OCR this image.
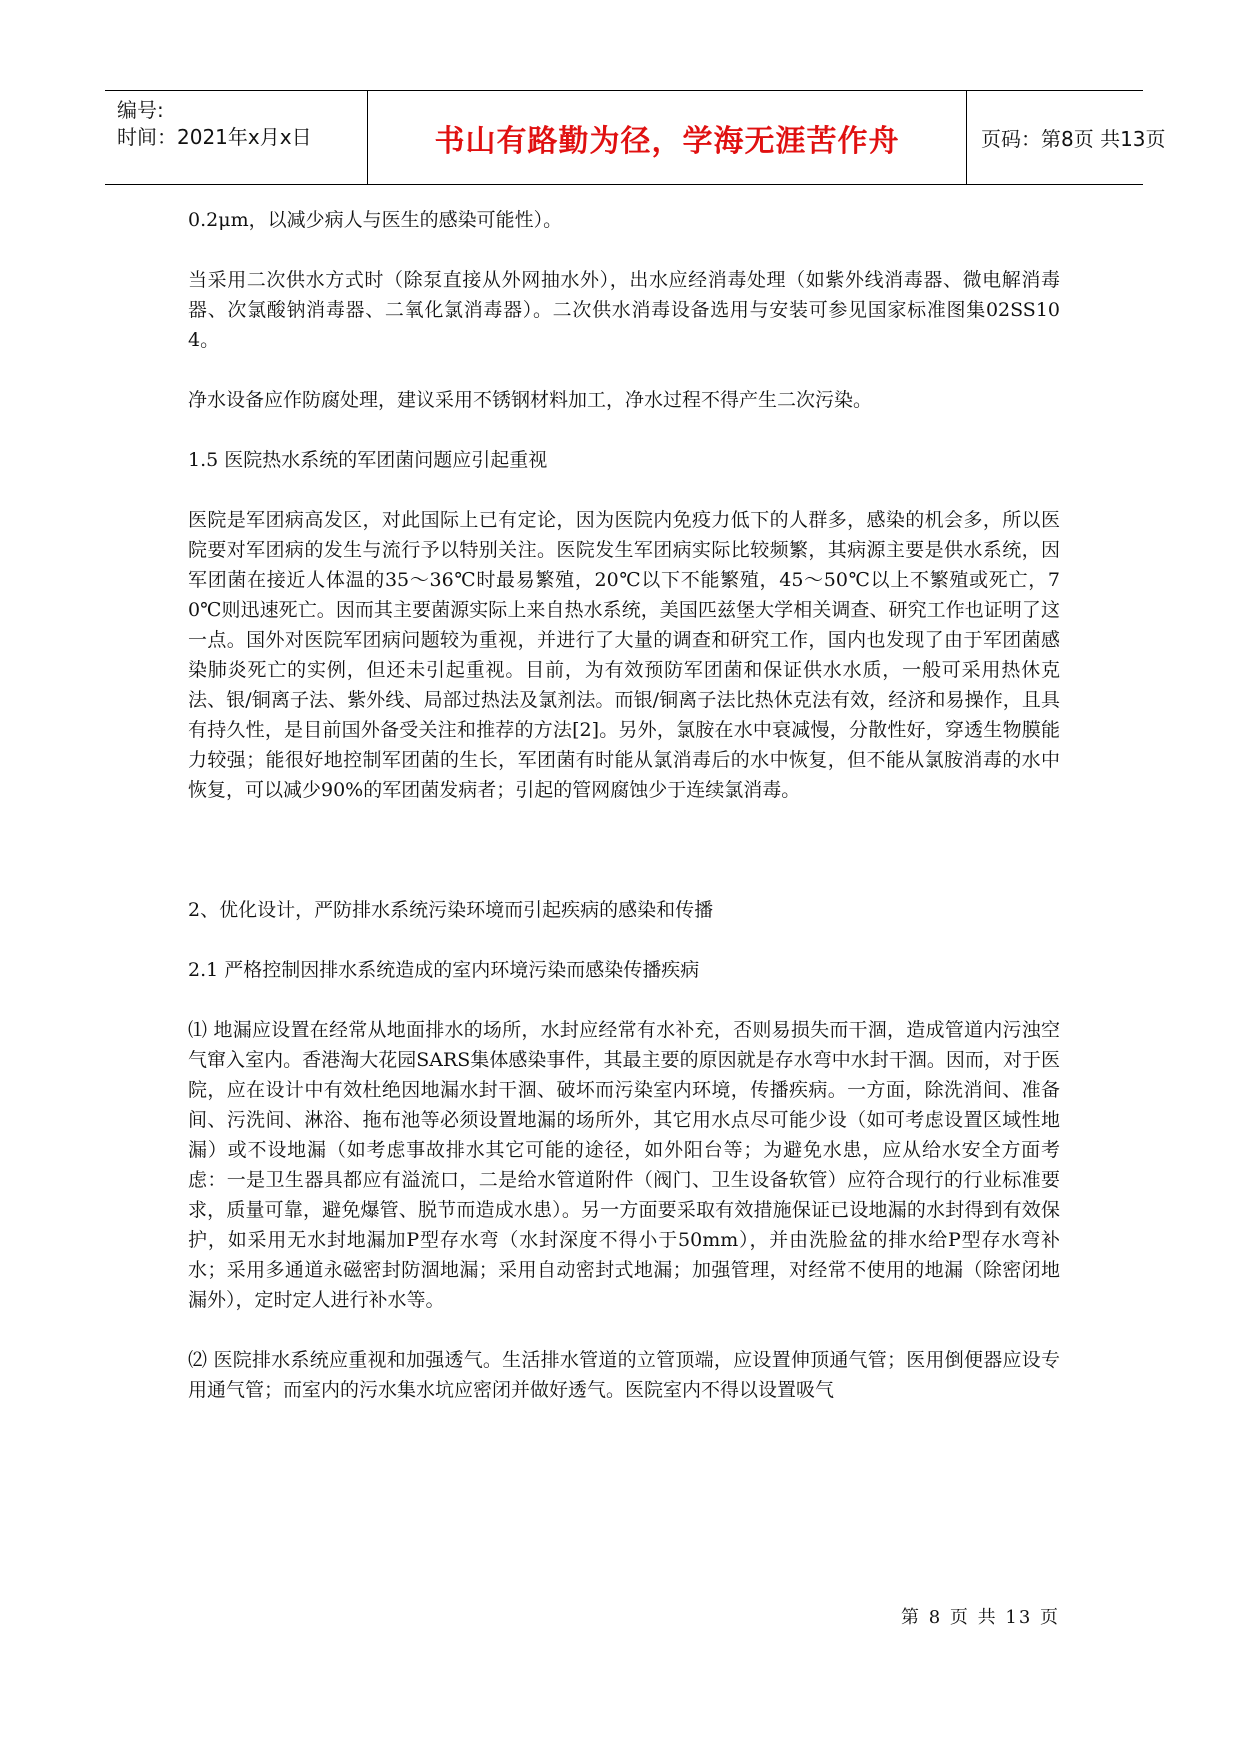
编号:
时间：2021年x月x日	书山有路勤为径，学海无涯苦作舟	页码：第8页 共13页

0.2μm，以减少病人与医生的感染可能性）。

当采用二次供水方式时（除泵直接从外网抽水外），出水应经消毒处理（如紫外线消毒器、微电解消毒器、次氯酸钠消毒器、二氧化氯消毒器）。二次供水消毒设备选用与安装可参见国家标准图集02SS104。

净水设备应作防腐处理，建议采用不锈钢材料加工，净水过程不得产生二次污染。

1.5 医院热水系统的军团菌问题应引起重视

医院是军团病高发区，对此国际上已有定论，因为医院内免疫力低下的人群多，感染的机会多，所以医院要对军团病的发生与流行予以特别关注。医院发生军团病实际比较频繁，其病源主要是供水系统，因军团菌在接近人体温的35～36℃时最易繁殖，20℃以下不能繁殖，45～50℃以上不繁殖或死亡，70℃则迅速死亡。因而其主要菌源实际上来自热水系统，美国匹兹堡大学相关调查、研究工作也证明了这一点。国外对医院军团病问题较为重视，并进行了大量的调查和研究工作，国内也发现了由于军团菌感染肺炎死亡的实例，但还未引起重视。目前，为有效预防军团菌和保证供水水质，一般可采用热休克法、银/铜离子法、紫外线、局部过热法及氯剂法。而银/铜离子法比热休克法有效，经济和易操作，且具有持久性，是目前国外备受关注和推荐的方法[2]。另外，氯胺在水中衰减慢，分散性好，穿透生物膜能力较强；能很好地控制军团菌的生长，军团菌有时能从氯消毒后的水中恢复，但不能从氯胺消毒的水中恢复，可以减少90%的军团菌发病者；引起的管网腐蚀少于连续氯消毒。

2、优化设计，严防排水系统污染环境而引起疾病的感染和传播

2.1 严格控制因排水系统造成的室内环境污染而感染传播疾病

⑴ 地漏应设置在经常从地面排水的场所，水封应经常有水补充，否则易损失而干涸，造成管道内污浊空气窜入室内。香港淘大花园SARS集体感染事件，其最主要的原因就是存水弯中水封干涸。因而，对于医院，应在设计中有效杜绝因地漏水封干涸、破坏而污染室内环境，传播疾病。一方面，除洗消间、准备间、污洗间、淋浴、拖布池等必须设置地漏的场所外，其它用水点尽可能少设（如可考虑设置区域性地漏）或不设地漏（如考虑事故排水其它可能的途径，如外阳台等；为避免水患，应从给水安全方面考虑：一是卫生器具都应有溢流口，二是给水管道附件（阀门、卫生设备软管）应符合现行的行业标准要求，质量可靠，避免爆管、脱节而造成水患）。另一方面要采取有效措施保证已设地漏的水封得到有效保护，如采用无水封地漏加P型存水弯（水封深度不得小于50mm），并由洗脸盆的排水给P型存水弯补水；采用多通道永磁密封防涸地漏；采用自动密封式地漏；加强管理，对经常不使用的地漏（除密闭地漏外），定时定人进行补水等。

⑵ 医院排水系统应重视和加强透气。生活排水管道的立管顶端，应设置伸顶通气管；医用倒便器应设专用通气管；而室内的污水集水坑应密闭并做好透气。医院室内不得以设置吸气

第 8 页 共 13 页
